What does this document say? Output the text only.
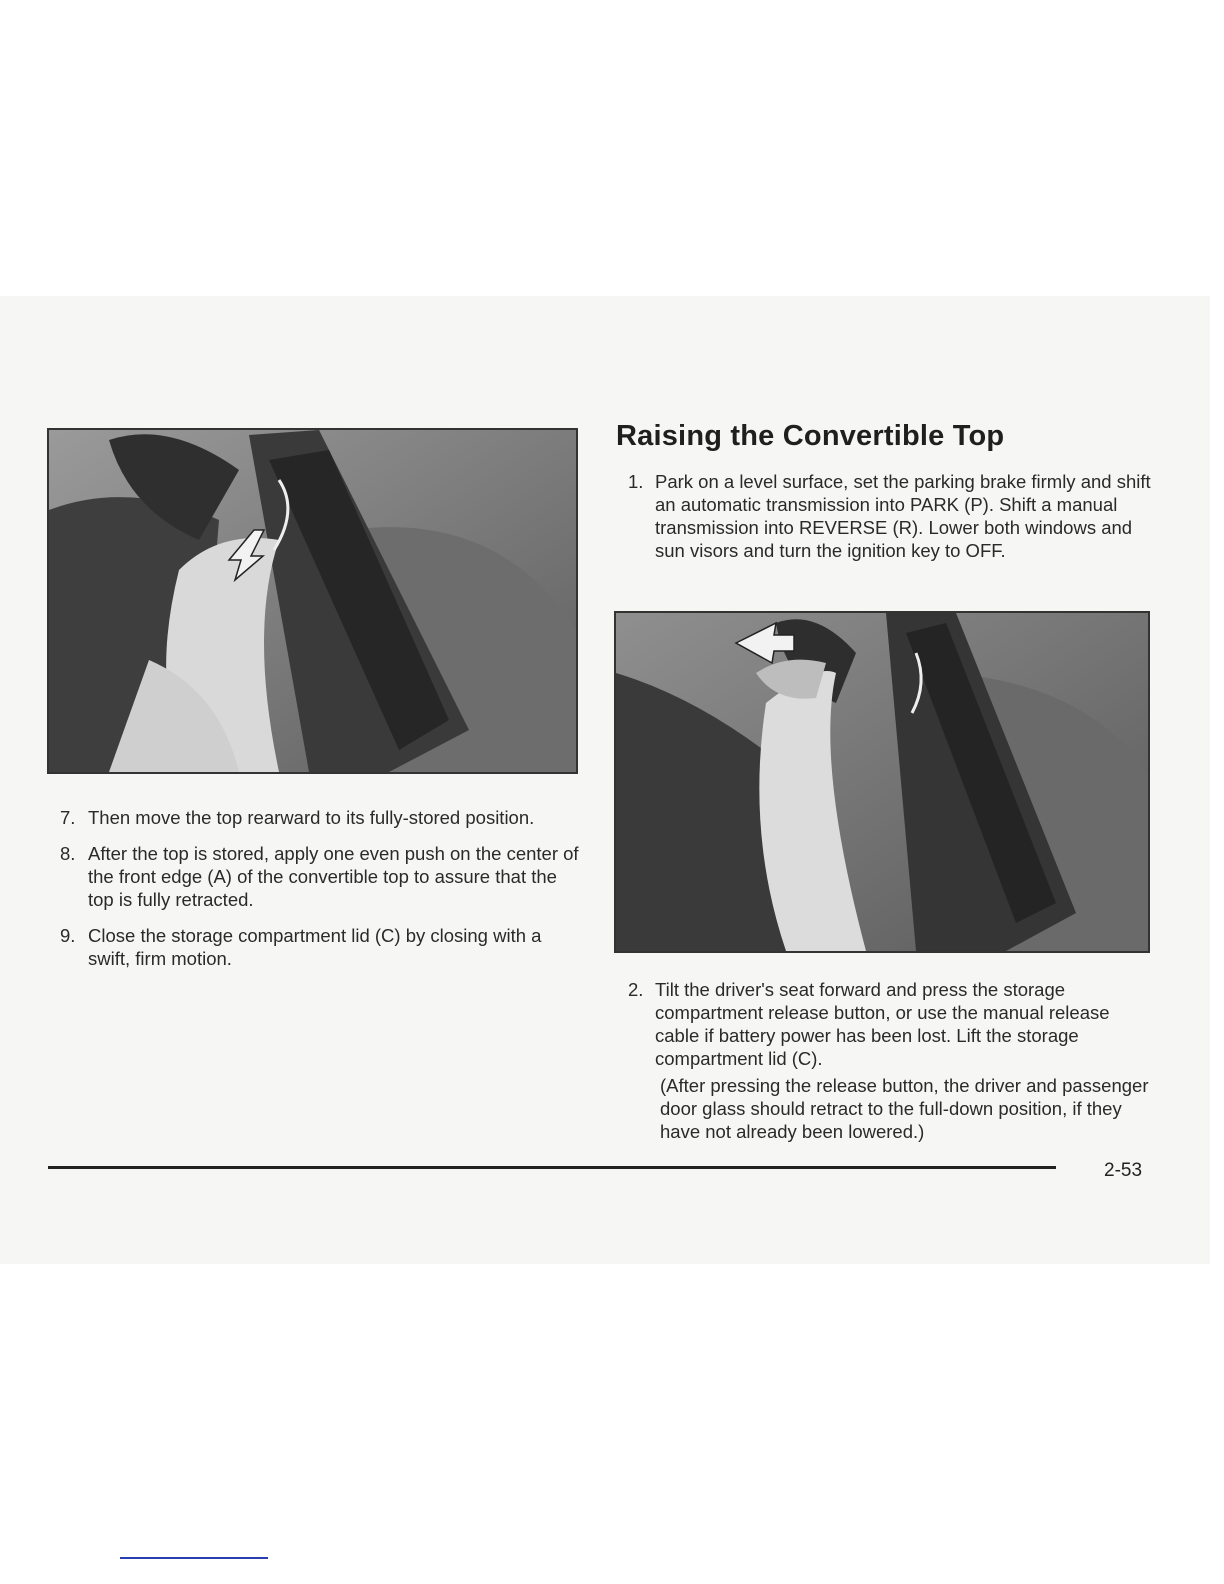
7. Then move the top rearward to its fully-stored position.
8. After the top is stored, apply one even push on the center of the front edge (A) of the convertible top to assure that the top is fully retracted.
9. Close the storage compartment lid (C) by closing with a swift, firm motion.
Raising the Convertible Top
1. Park on a level surface, set the parking brake firmly and shift an automatic transmission into PARK (P). Shift a manual transmission into REVERSE (R). Lower both windows and sun visors and turn the ignition key to OFF.
2. Tilt the driver's seat forward and press the storage compartment release button, or use the manual release cable if battery power has been lost. Lift the storage compartment lid (C).
(After pressing the release button, the driver and passenger door glass should retract to the full-down position, if they have not already been lowered.)
2-53
